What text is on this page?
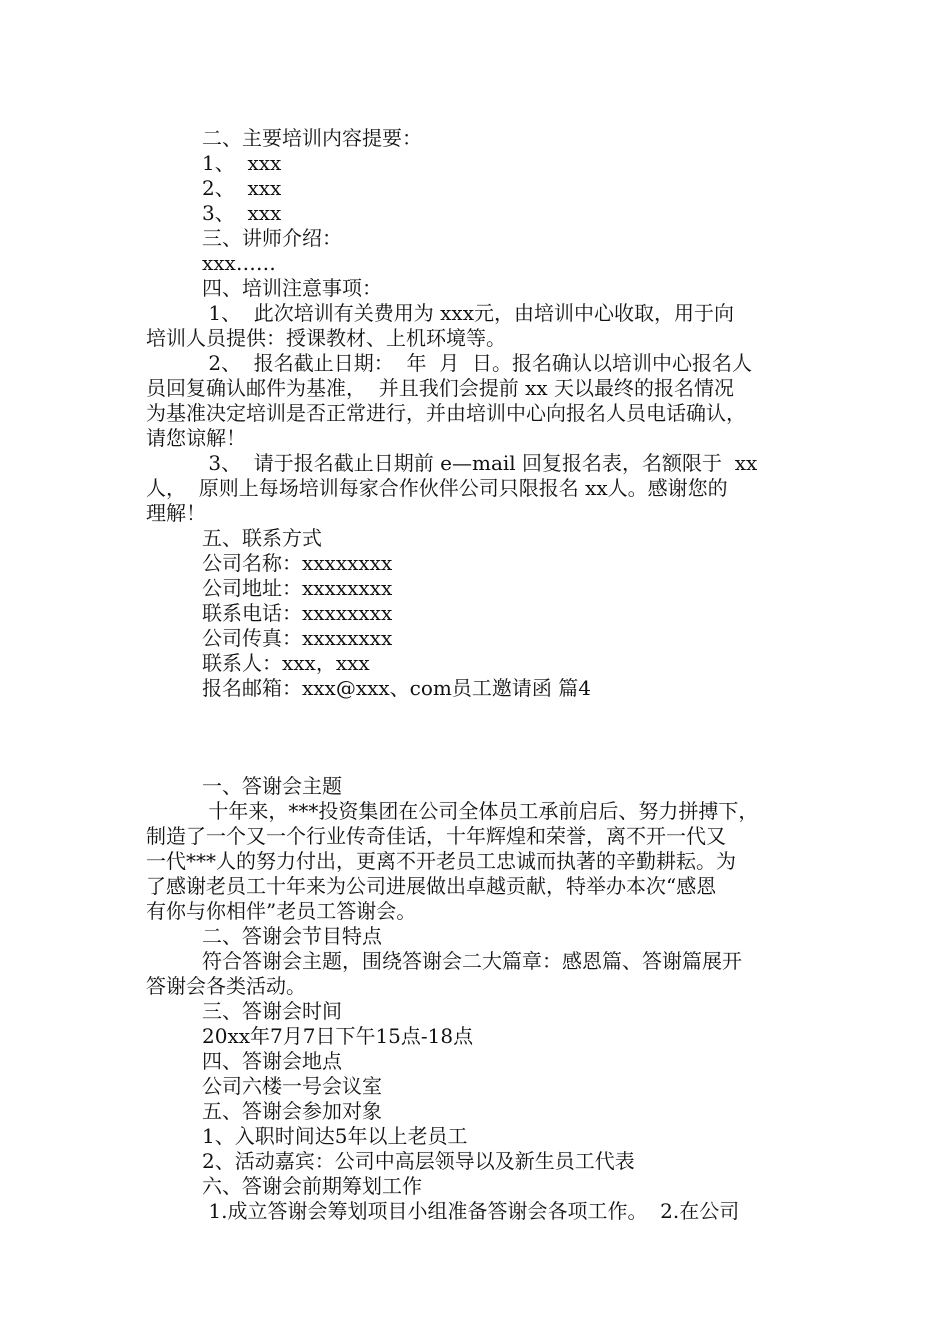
二、主要培训内容提要：
1、  xxx
2、  xxx
3、  xxx
三、讲师介绍：
xxx……
四、培训注意事项：
1、  此次培训有关费用为 xxx元，由培训中心收取，用于向
培训人员提供：授课教材、上机环境等。
2、  报名截止日期：  年  月  日。报名确认以培训中心报名人
员回复确认邮件为基准，  并且我们会提前 xx 天以最终的报名情况
为基准决定培训是否正常进行，并由培训中心向报名人员电话确认，
请您谅解！
3、  请于报名截止日期前 e—mail 回复报名表，名额限于  xx
人，  原则上每场培训每家合作伙伴公司只限报名 xx人。感谢您的
理解！
五、联系方式
公司名称：xxxxxxxx
公司地址：xxxxxxxx
联系电话：xxxxxxxx
公司传真：xxxxxxxx
联系人：xxx，xxx
报名邮箱：xxx@xxx、com员工邀请函 篇4
一、答谢会主题
十年来，***投资集团在公司全体员工承前启后、努力拼搏下，
制造了一个又一个行业传奇佳话，十年辉煌和荣誉，离不开一代又
一代***人的努力付出，更离不开老员工忠诚而执著的辛勤耕耘。为
了感谢老员工十年来为公司进展做出卓越贡献，特举办本次“感恩
有你与你相伴”老员工答谢会。
二、答谢会节目特点
符合答谢会主题，围绕答谢会二大篇章：感恩篇、答谢篇展开
答谢会各类活动。
三、答谢会时间
20xx年7月7日下午15点-18点
四、答谢会地点
公司六楼一号会议室
五、答谢会参加对象
1、入职时间达5年以上老员工
2、活动嘉宾：公司中高层领导以及新生员工代表
六、答谢会前期筹划工作
1.成立答谢会筹划项目小组准备答谢会各项工作。  2.在公司
